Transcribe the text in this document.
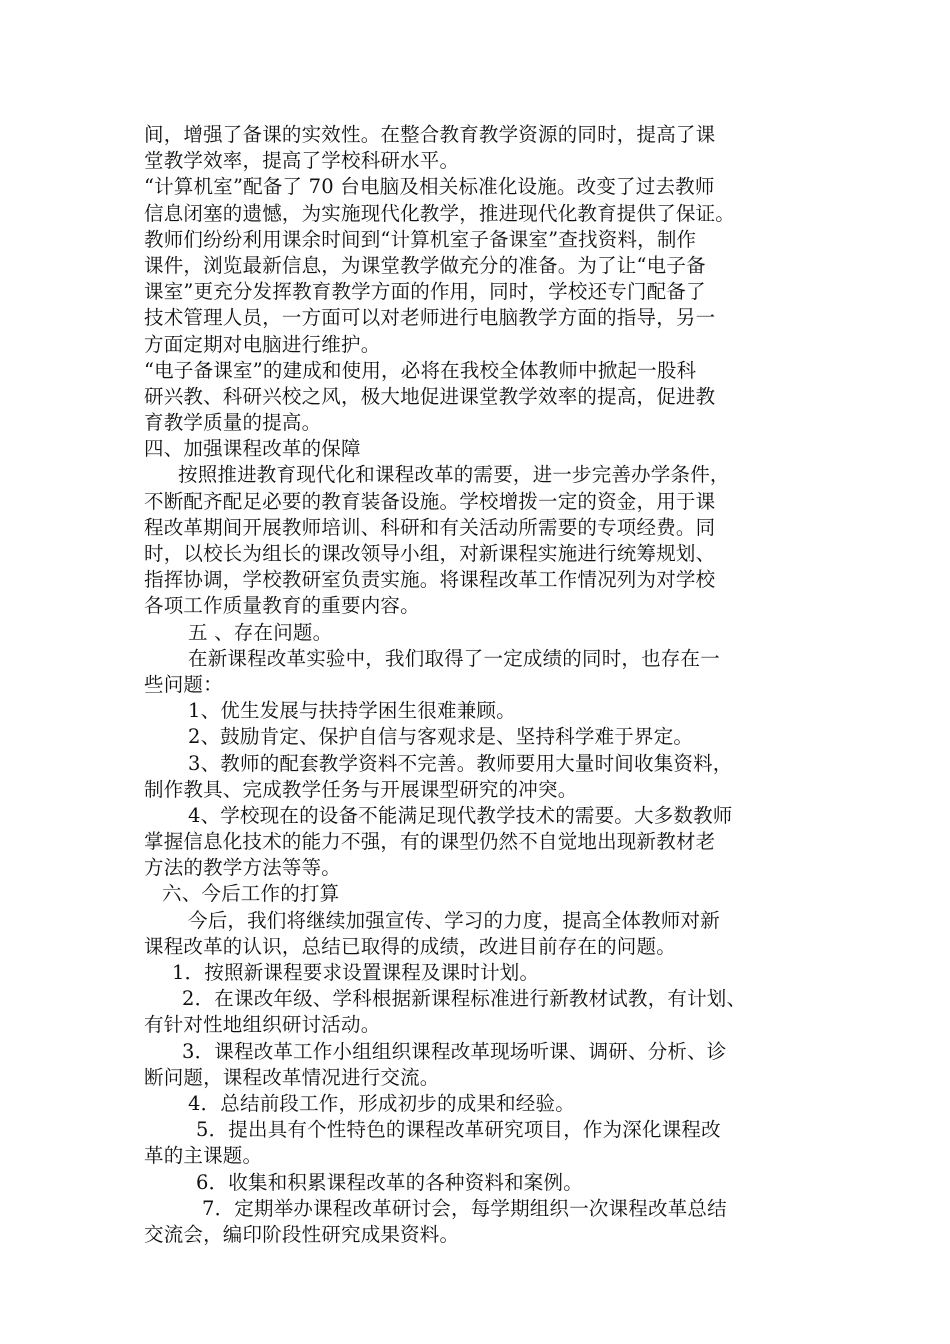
间，增强了备课的实效性。在整合教育教学资源的同时，提高了课
堂教学效率，提高了学校科研水平。
“计算机室”配备了 70 台电脑及相关标准化设施。改变了过去教师
信息闭塞的遗憾，为实施现代化教学，推进现代化教育提供了保证。
教师们纷纷利用课余时间到“计算机室子备课室”查找资料，制作
课件，浏览最新信息，为课堂教学做充分的准备。为了让“电子备
课室”更充分发挥教育教学方面的作用，同时，学校还专门配备了
技术管理人员，一方面可以对老师进行电脑教学方面的指导，另一
方面定期对电脑进行维护。
“电子备课室”的建成和使用，必将在我校全体教师中掀起一股科
研兴教、科研兴校之风，极大地促进课堂教学效率的提高，促进教
育教学质量的提高。
四、加强课程改革的保障
按照推进教育现代化和课程改革的需要，进一步完善办学条件，
不断配齐配足必要的教育装备设施。学校增拨一定的资金，用于课
程改革期间开展教师培训、科研和有关活动所需要的专项经费。同
时，以校长为组长的课改领导小组，对新课程实施进行统筹规划、
指挥协调，学校教研室负责实施。将课程改革工作情况列为对学校
各项工作质量教育的重要内容。
五 、存在问题。
在新课程改革实验中，我们取得了一定成绩的同时，也存在一
些问题：
1、优生发展与扶持学困生很难兼顾。
2、鼓励肯定、保护自信与客观求是、坚持科学难于界定。
3、教师的配套教学资料不完善。教师要用大量时间收集资料，
制作教具、完成教学任务与开展课型研究的冲突。
4、学校现在的设备不能满足现代教学技术的需要。大多数教师
掌握信息化技术的能力不强，有的课型仍然不自觉地出现新教材老
方法的教学方法等等。
六、今后工作的打算
今后，我们将继续加强宣传、学习的力度，提高全体教师对新
课程改革的认识，总结已取得的成绩，改进目前存在的问题。
1．按照新课程要求设置课程及课时计划。
2．在课改年级、学科根据新课程标准进行新教材试教，有计划、
有针对性地组织研讨活动。
3．课程改革工作小组组织课程改革现场听课、调研、分析、诊
断问题，课程改革情况进行交流。
4．总结前段工作，形成初步的成果和经验。
5．提出具有个性特色的课程改革研究项目，作为深化课程改
革的主课题。
6．收集和积累课程改革的各种资料和案例。
7．定期举办课程改革研讨会，每学期组织一次课程改革总结
交流会，编印阶段性研究成果资料。
